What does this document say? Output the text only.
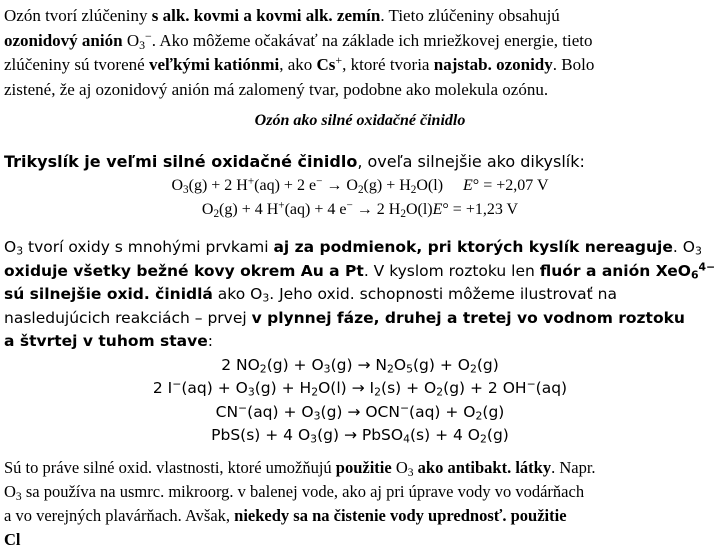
Ozón tvorí zlúčeniny s alk. kovmi a kovmi alk. zemín. Tieto zlúčeniny obsahujú
ozonidový anión $O_3^-$. Ako môžeme očakávať na základe ich mriežkovej energie, tieto
zlúčeniny sú tvorené veľkými katiónmi, ako Cs+, ktoré tvoria najstab. ozonidy. Bolo
zistené, že aj ozonidový anión má zalomený tvar, podobne ako molekula ozónu.
Ozón ako silné oxidačné činidlo
Trikyslík je veľmi silné oxidačné činidlo, oveľa silnejšie ako dikyslík:
$O_3(g) + 2$ H+(aq) + 2 $e^- \to O_2(g) + H_2O(l) E^\circ = +2,07$ V
$O_2(g) + 4$ H+(aq) + 4 e− → 2 $H_2O(l)E^\circ = +1,23$ V
$O_3$ tvorí oxidy s mnohými prvkami aj za podmienok, pri ktorých kyslík nereaguje. $O_3$
oxiduje všetky bežné kovy okrem Au a Pt. V kyslom roztoku len fluór a anión XeO$_6^{4-}$
sú silnejšie oxid. činidlá ako $O_3$. Jeho oxid. schopnosti môžeme ilustrovať na
nasledujúcich reakciách – prvej v plynnej fáze, druhej a tretej vo vodnom roztoku
a štvrtej v tuhom stave:
2 $NO_2(g) + O_3(g) \to N_2O_5(g) + O_2(g)$
2 $I^-(aq) + O_3(g) + H_2O(l) \to I_2(s) + O_2(g) + 2$ OH−(aq)
$CN^-(aq) + O_3(g) \to OCN^-(aq) + O_2(g)$
PbS(s) + 4 $O_3(g)$ → PbSO$_4$(s) + 4 $O_2(g)$
Sú to práve silné oxid. vlastnosti, ktoré umožňujú použitie $O_3$ ako antibakt. látky. Napr.
$O_3$ sa používa na usmrc. mikroorg. v balenej vode, ako aj pri úprave vody vo vodárňach
a vo verejných plavárňach. Avšak, niekedy sa na čistenie vody uprednosť. použitie
Cl
